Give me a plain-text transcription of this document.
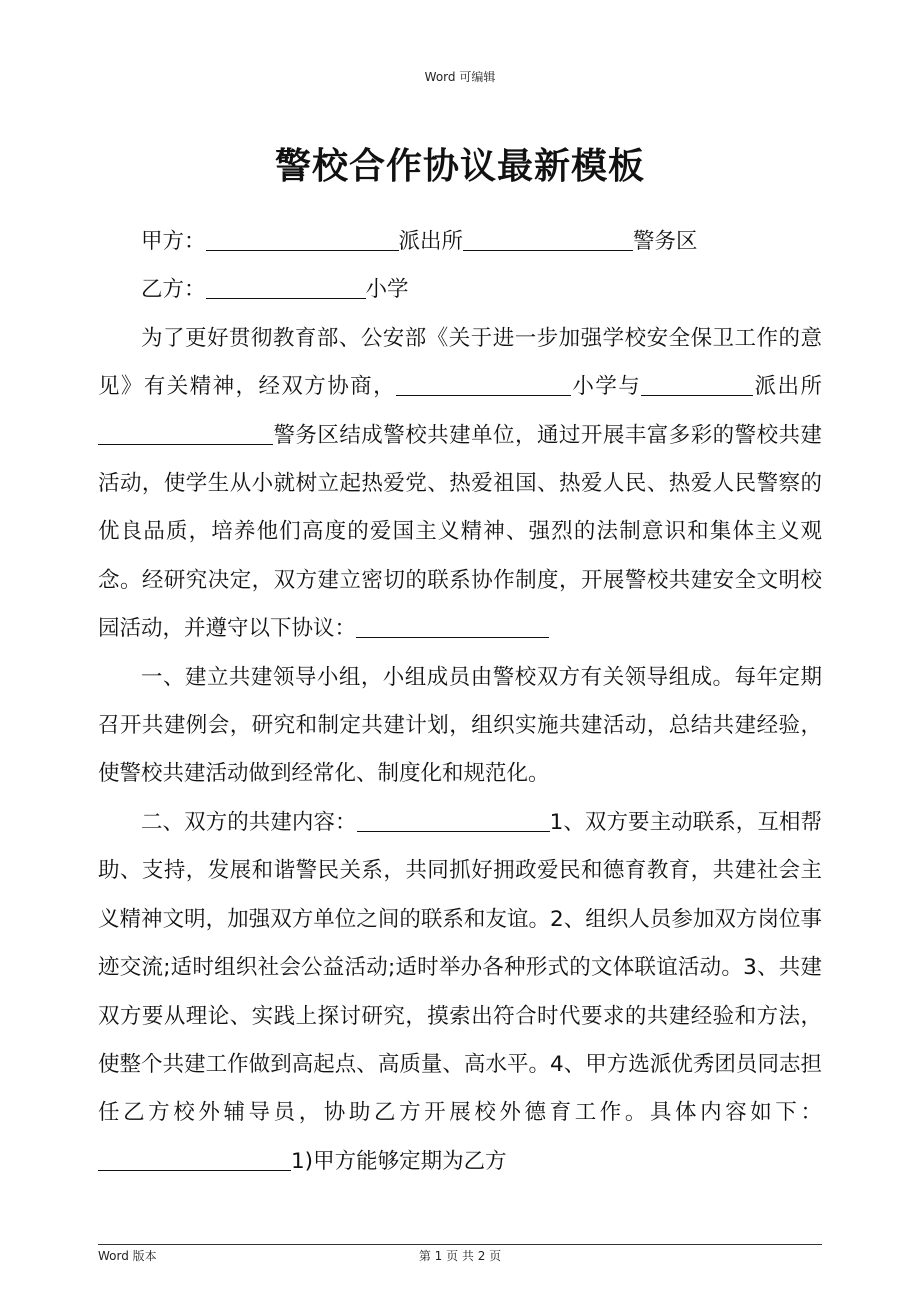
Word 可编辑
警校合作协议最新模板

甲方：	派出所	警务区

乙方：	小学

为了更好贯彻教育部、公安部《关于进一步加强学校安全保卫工作的意见》有关精神，经双方协商，	小学与	派出所警务区结成警校共建单位，通过开展丰富多彩的警校共建活动，使学生从小就树立起热爱党、热爱祖国、热爱人民、热爱人民警察的优良品质，培养他们高度的爱国主义精神、强烈的法制意识和集体主义观念。经研究决定，双方建立密切的联系协作制度，开展警校共建安全文明校园活动，并遵守以下协议：

一、建立共建领导小组，小组成员由警校双方有关领导组成。每年定期召开共建例会，研究和制定共建计划，组织实施共建活动，总结共建经验，使警校共建活动做到经常化、制度化和规范化。

二、双方的共建内容：	1、双方要主动联系，互相帮助、支持，发展和谐警民关系，共同抓好拥政爱民和德育教育，共建社会主义精神文明，加强双方单位之间的联系和友谊。2、组织人员参加双方岗位事迹交流;适时组织社会公益活动;适时举办各种形式的文体联谊活动。3、共建双方要从理论、实践上探讨研究，摸索出符合时代要求的共建经验和方法，使整个共建工作做到高起点、高质量、高水平。4、甲方选派优秀团员同志担任乙方校外辅导员，协助乙方开展校外德育工作。具体内容如下：1)甲方能够定期为乙方

Word 版本	第 1 页 共 2 页
